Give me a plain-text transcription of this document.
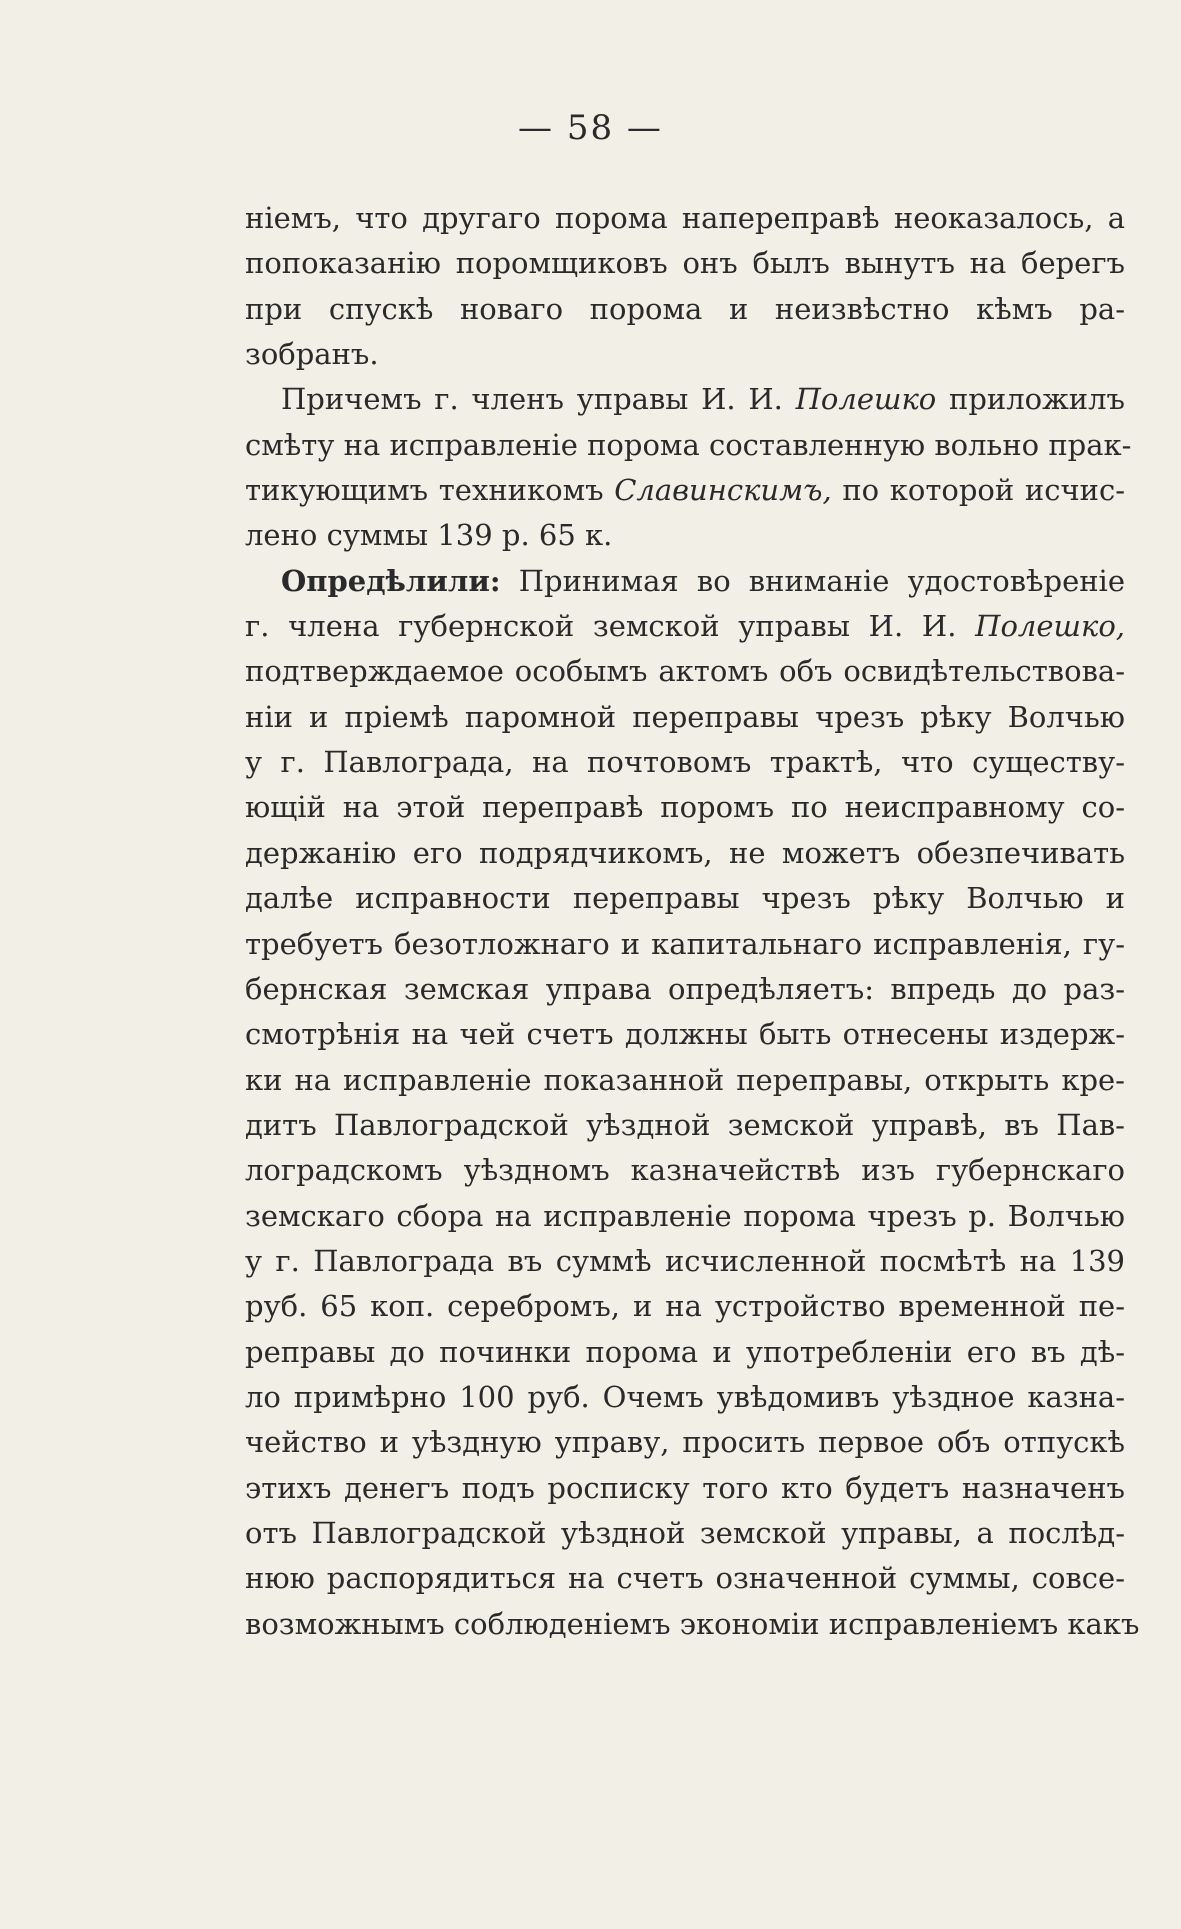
— 58 —
ніемъ, что другаго порома напереправѣ неоказалось, а
попоказанію поромщиковъ онъ былъ вынутъ на берегъ
при спускѣ новаго порома и неизвѣстно кѣмъ ра-
зобранъ.
Причемъ г. членъ управы И. И. Полешко приложилъ
смѣту на исправленіе порома составленную вольно прак-
тикующимъ техникомъ Славинскимъ, по которой исчис-
лено суммы 139 р. 65 к.
Опредѣлили: Принимая во вниманіе удостовѣреніе
г. члена губернской земской управы И. И. Полешко,
подтверждаемое особымъ актомъ объ освидѣтельствова-
ніи и пріемѣ паромной переправы чрезъ рѣку Волчью
у г. Павлограда, на почтовомъ трактѣ, что существу-
ющій на этой переправѣ поромъ по неисправному со-
держанію его подрядчикомъ, не можетъ обезпечивать
далѣе исправности переправы чрезъ рѣку Волчью и
требуетъ безотложнаго и капитальнаго исправленія, гу-
бернская земская управа опредѣляетъ: впредь до раз-
смотрѣнія на чей счетъ должны быть отнесены издерж-
ки на исправленіе показанной переправы, открыть кре-
дитъ Павлоградской уѣздной земской управѣ, въ Пав-
лоградскомъ уѣздномъ казначействѣ изъ губернскаго
земскаго сбора на исправленіе порома чрезъ р. Волчью
у г. Павлограда въ суммѣ исчисленной посмѣтѣ на 139
руб. 65 коп. серебромъ, и на устройство временной пе-
реправы до починки порома и употребленіи его въ дѣ-
ло примѣрно 100 руб. Очемъ увѣдомивъ уѣздное казна-
чейство и уѣздную управу, просить первое объ отпускѣ
этихъ денегъ подъ росписку того кто будетъ назначенъ
отъ Павлоградской уѣздной земской управы, а послѣд-
нюю распорядиться на счетъ означенной суммы, совсе-
возможнымъ соблюденіемъ экономіи исправленіемъ какъ
